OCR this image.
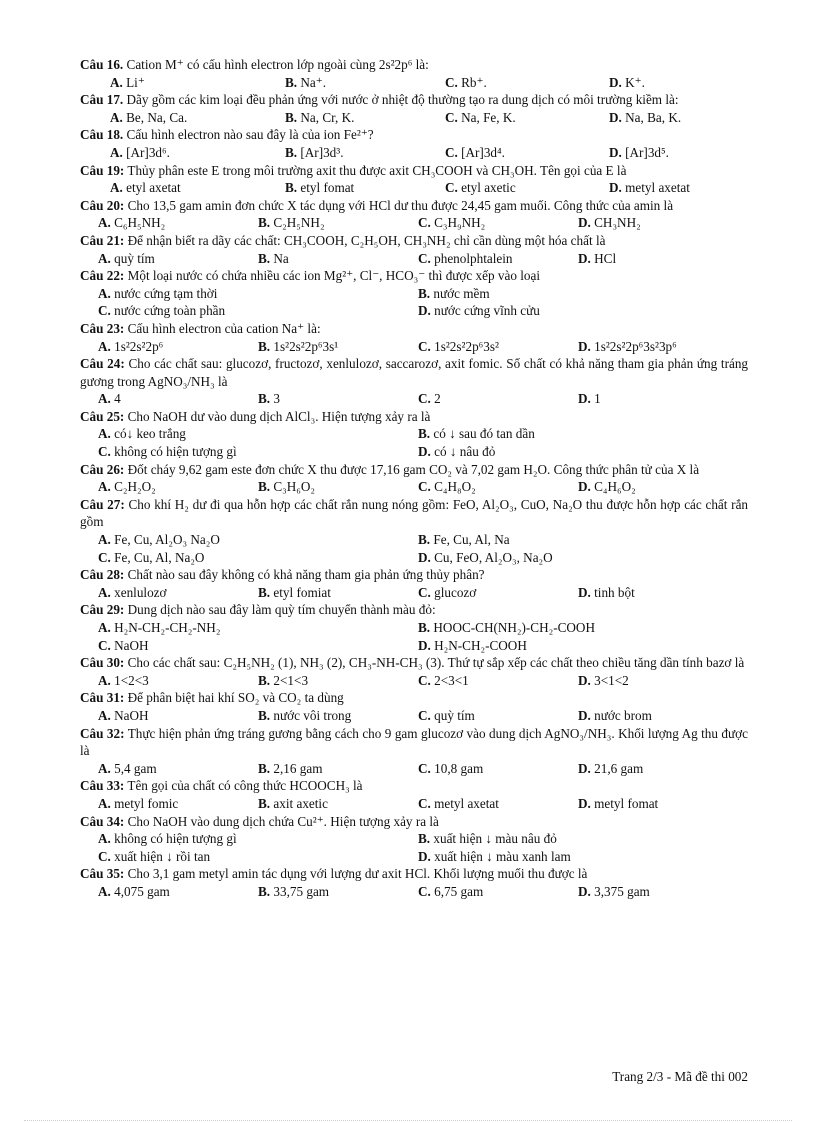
Câu 16. Cation M⁺ có cấu hình electron lớp ngoài cùng 2s²2p⁶ là:
A. Li⁺	B. Na⁺.	C. Rb⁺.	D. K⁺.
Câu 17. Dãy gồm các kim loại đều phản ứng với nước ở nhiệt độ thường tạo ra dung dịch có môi trường kiềm là:
A. Be, Na, Ca.	B. Na, Cr, K.	C. Na, Fe, K.	D. Na, Ba, K.
Câu 18. Cấu hình electron nào sau đây là của ion Fe²⁺?
A. [Ar]3d⁶.	B. [Ar]3d³.	C. [Ar]3d⁴.	D. [Ar]3d⁵.
Câu 19: Thủy phân este E trong môi trường axit thu được axit CH₃COOH và CH₃OH. Tên gọi của E là
A. etyl axetat	B. etyl fomat	C. etyl axetic	D. metyl axetat
Câu 20: Cho 13,5 gam amin đơn chức X tác dụng với HCl dư thu được 24,45 gam muối. Công thức của amin là
A. C₆H₅NH₂	B. C₂H₅NH₂	C. C₃H₉NH₂	D. CH₃NH₂
Câu 21: Để nhận biết ra dãy các chất: CH₃COOH, C₂H₅OH, CH₃NH₂ chỉ cần dùng một hóa chất là
A. quỳ tím	B. Na	C. phenolphtalein	D. HCl
Câu 22: Một loại nước có chứa nhiều các ion Mg²⁺, Cl⁻, HCO₃⁻ thì được xếp vào loại
A. nước cứng tạm thời	B. nước mềm
C. nước cứng toàn phần	D. nước cứng vĩnh cửu
Câu 23: Cấu hình electron của cation Na⁺ là:
A. 1s²2s²2p⁶	B. 1s²2s²2p⁶3s¹	C. 1s²2s²2p⁶3s²	D. 1s²2s²2p⁶3s²3p⁶
Câu 24: Cho các chất sau: glucozơ, fructozơ, xenlulozơ, saccarozơ, axit fomic. Số chất có khả năng tham gia phản ứng tráng gương trong AgNO₃/NH₃ là
A. 4	B. 3	C. 2	D. 1
Câu 25: Cho NaOH dư vào dung dịch AlCl₃. Hiện tượng xảy ra là
A. có↓ keo trắng	B. có ↓ sau đó tan dần
C. không có hiện tượng gì	D. có ↓ nâu đỏ
Câu 26: Đốt cháy 9,62 gam este đơn chức X thu được 17,16 gam CO₂ và 7,02 gam H₂O. Công thức phân tử của X là
A. C₂H₂O₂	B. C₃H₆O₂	C. C₄H₈O₂	D. C₄H₆O₂
Câu 27: Cho khí H₂ dư đi qua hỗn hợp các chất rắn nung nóng gồm: FeO, Al₂O₃, CuO, Na₂O thu được hỗn hợp các chất rắn gồm
A. Fe, Cu, Al₂O₃ Na₂O	B. Fe, Cu, Al, Na
C. Fe, Cu, Al, Na₂O	D. Cu, FeO, Al₂O₃, Na₂O
Câu 28: Chất nào sau đây không có khả năng tham gia phản ứng thủy phân?
A. xenlulozơ	B. etyl fomiat	C. glucozơ	D. tinh bột
Câu 29: Dung dịch nào sau đây làm quỳ tím chuyển thành màu đỏ:
A. H₂N-CH₂-CH₂-NH₂	B. HOOC-CH(NH₂)-CH₂-COOH
C. NaOH	D. H₂N-CH₂-COOH
Câu 30: Cho các chất sau: C₂H₅NH₂ (1), NH₃ (2), CH₃-NH-CH₃ (3). Thứ tự sắp xếp các chất theo chiều tăng dần tính bazơ là
A. 1<2<3	B. 2<1<3	C. 2<3<1	D. 3<1<2
Câu 31: Để phân biệt hai khí SO₂ và CO₂ ta dùng
A. NaOH	B. nước vôi trong	C. quỳ tím	D. nước brom
Câu 32: Thực hiện phản ứng tráng gương bằng cách cho 9 gam glucozơ vào dung dịch AgNO₃/NH₃. Khối lượng Ag thu được là
A. 5,4 gam	B. 2,16 gam	C. 10,8 gam	D. 21,6 gam
Câu 33: Tên gọi của chất có công thức HCOOCH₃ là
A. metyl fomic	B. axit axetic	C. metyl axetat	D. metyl fomat
Câu 34: Cho NaOH vào dung dịch chứa Cu²⁺. Hiện tượng xảy ra là
A. không có hiện tượng gì	B. xuất hiện ↓ màu nâu đỏ
C. xuất hiện ↓ rồi tan	D. xuất hiện ↓ màu xanh lam
Câu 35: Cho 3,1 gam metyl amin tác dụng với lượng dư axit HCl. Khối lượng muối thu được là
A. 4,075 gam	B. 33,75 gam	C. 6,75 gam	D. 3,375 gam
Trang 2/3 - Mã đề thi 002
